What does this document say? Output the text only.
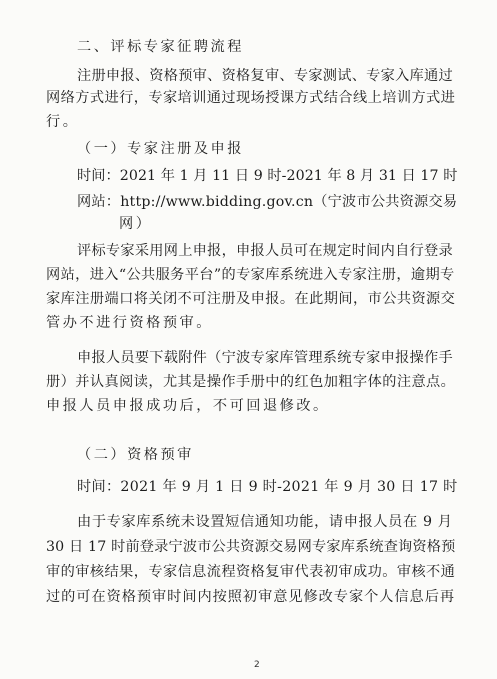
二、评标专家征聘流程
注册申报、资格预审、资格复审、专家测试、专家入库通过
网络方式进行，专家培训通过现场授课方式结合线上培训方式进
行。
（一）专家注册及申报
时间：2021 年 1 月 11 日 9 时-2021 年 8 月 31 日 17 时
网站：http://www.bidding.gov.cn（宁波市公共资源交易
网）
评标专家采用网上申报，申报人员可在规定时间内自行登录
网站，进入“公共服务平台”的专家库系统进入专家注册，逾期专
家库注册端口将关闭不可注册及申报。在此期间，市公共资源交
管办不进行资格预审。
申报人员要下载附件（宁波专家库管理系统专家申报操作手
册）并认真阅读，尤其是操作手册中的红色加粗字体的注意点。
申报人员申报成功后，不可回退修改。
（二）资格预审
时间：2021 年 9 月 1 日 9 时-2021 年 9 月 30 日 17 时
由于专家库系统未设置短信通知功能，请申报人员在 9 月
30 日 17 时前登录宁波市公共资源交易网专家库系统查询资格预
审的审核结果，专家信息流程资格复审代表初审成功。审核不通
过的可在资格预审时间内按照初审意见修改专家个人信息后再
2
